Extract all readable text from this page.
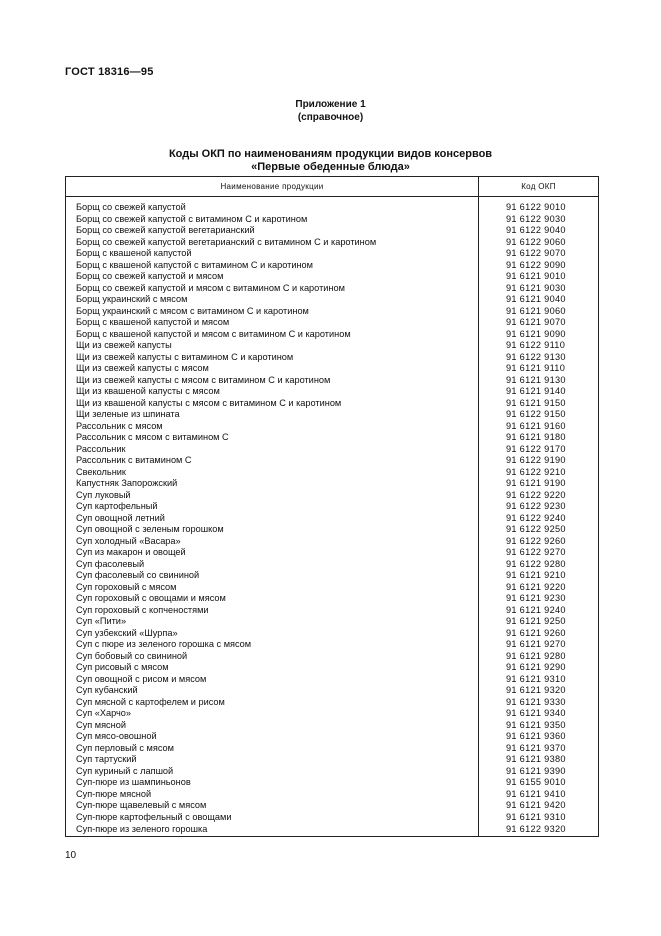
ГОСТ 18316—95
Приложение 1
(справочное)
Коды ОКП по наименованиям продукции видов консервов
«Первые обеденные блюда»
Наименование продукции	Код ОКП

Борщ со свежей капустой	91 6122 9010
Борщ со свежей капустой с витамином С и каротином	91 6122 9030
Борщ со свежей капустой вегетарианский	91 6122 9040
Борщ со свежей капустой вегетарианский с витамином С и каротином	91 6122 9060
Борщ с квашеной капустой	91 6122 9070
Борщ с квашеной капустой с витамином С и каротином	91 6122 9090
Борщ со свежей капустой и мясом	91 6121 9010
Борщ со свежей капустой и мясом с витамином С и каротином	91 6121 9030
Борщ украинский с мясом	91 6121 9040
Борщ украинский с мясом с витамином С и каротином	91 6121 9060
Борщ с квашеной капустой и мясом	91 6121 9070
Борщ с квашеной капустой и мясом с витамином С и каротином	91 6121 9090
Щи из свежей капусты	91 6122 9110
Щи из свежей капусты с витамином С и каротином	91 6122 9130
Щи из свежей капусты с мясом	91 6121 9110
Щи из свежей капусты с мясом с витамином С и каротином	91 6121 9130
Щи из квашеной капусты с мясом	91 6121 9140
Щи из квашеной капусты с мясом с витамином С и каротином	91 6121 9150
Щи зеленые из шпината	91 6122 9150
Рассольник с мясом	91 6121 9160
Рассольник с мясом с витамином С	91 6121 9180
Рассольник	91 6122 9170
Рассольник с витамином С	91 6122 9190
Свекольник	91 6122 9210
Капустняк Запорожский	91 6121 9190
Суп луковый	91 6122 9220
Суп картофельный	91 6122 9230
Суп овощной летний	91 6122 9240
Суп овощной с зеленым горошком	91 6122 9250
Суп холодный «Васара»	91 6122 9260
Суп из макарон и овощей	91 6122 9270
Суп фасолевый	91 6122 9280
Суп фасолевый со свининой	91 6121 9210
Суп гороховый с мясом	91 6121 9220
Суп гороховый с овощами и мясом	91 6121 9230
Суп гороховый с копченостями	91 6121 9240
Суп «Пити»	91 6121 9250
Суп узбекский «Шурпа»	91 6121 9260
Суп с пюре из зеленого горошка с мясом	91 6121 9270
Суп бобовый со свининой	91 6121 9280
Суп рисовый с мясом	91 6121 9290
Суп овощной с рисом и мясом	91 6121 9310
Суп кубанский	91 6121 9320
Суп мясной с картофелем и рисом	91 6121 9330
Суп «Харчо»	91 6121 9340
Суп мясной	91 6121 9350
Суп мясо-овошной	91 6121 9360
Суп перловый с мясом	91 6121 9370
Суп тартуский	91 6121 9380
Суп куриный с лапшой	91 6121 9390
Суп-пюре из шампиньонов	91 6155 9010
Суп-пюре мясной	91 6121 9410
Суп-пюре щавелевый с мясом	91 6121 9420
Суп-пюре картофельный с овощами	91 6121 9310
Суп-пюре из зеленого горошка	91 6122 9320
10
